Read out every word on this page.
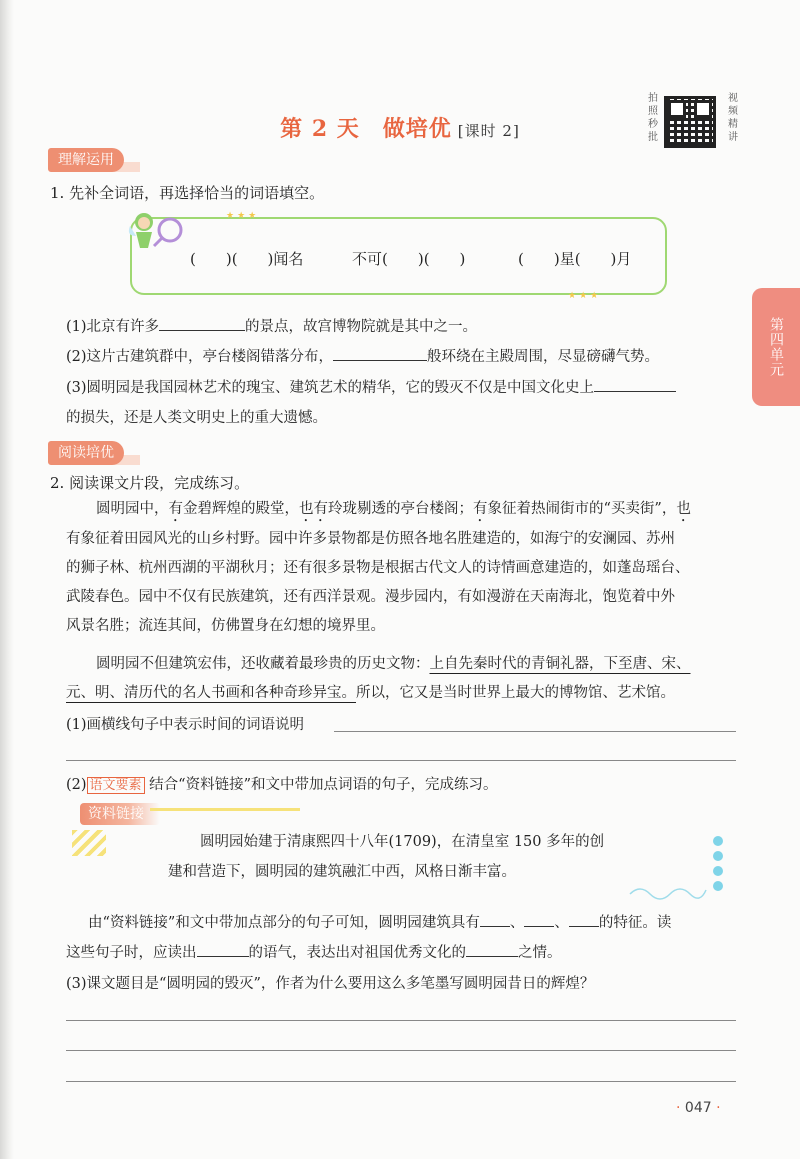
第 2 天　做培优 [课时 2]
拍照秒批
视频精讲
理解运用
1. 先补全词语，再选择恰当的词语填空。
★★★
★★★
(　　)(　　)闻名	不可(　　)(　　)	(　　)星(　　)月
(1)北京有许多	的景点，故宫博物院就是其中之一。
(2)这片古建筑群中，亭台楼阁错落分布，	般环绕在主殿周围，尽显磅礴气势。
(3)圆明园是我国园林艺术的瑰宝、建筑艺术的精华，它的毁灭不仅是中国文化史上
的损失，还是人类文明史上的重大遗憾。
第四单元
阅读培优
2. 阅读课文片段，完成练习。
圆明园中，有金碧辉煌的殿堂，也有玲珑剔透的亭台楼阁；有象征着热闹街市的“买卖街”，也
有象征着田园风光的山乡村野。园中许多景物都是仿照各地名胜建造的，如海宁的安澜园、苏州
的狮子林、杭州西湖的平湖秋月；还有很多景物是根据古代文人的诗情画意建造的，如蓬岛瑶台、
武陵春色。园中不仅有民族建筑，还有西洋景观。漫步园内，有如漫游在天南海北，饱览着中外
风景名胜；流连其间，仿佛置身在幻想的境界里。
圆明园不但建筑宏伟，还收藏着最珍贵的历史文物：上自先秦时代的青铜礼器，下至唐、宋、
元、明、清历代的名人书画和各种奇珍异宝。所以，它又是当时世界上最大的博物馆、艺术馆。
(1)画横线句子中表示时间的词语说明
(2) 语文要素 结合“资料链接”和文中带加点词语的句子，完成练习。
资料链接
圆明园始建于清康熙四十八年(1709)，在清皇室 150 多年的创
建和营造下，圆明园的建筑融汇中西，风格日渐丰富。
由“资料链接”和文中带加点部分的句子可知，圆明园建筑具有 、 、 的特征。读
这些句子时，应读出	的语气，表达出对祖国优秀文化的	之情。
(3)课文题目是“圆明园的毁灭”，作者为什么要用这么多笔墨写圆明园昔日的辉煌？
· 047 ·
